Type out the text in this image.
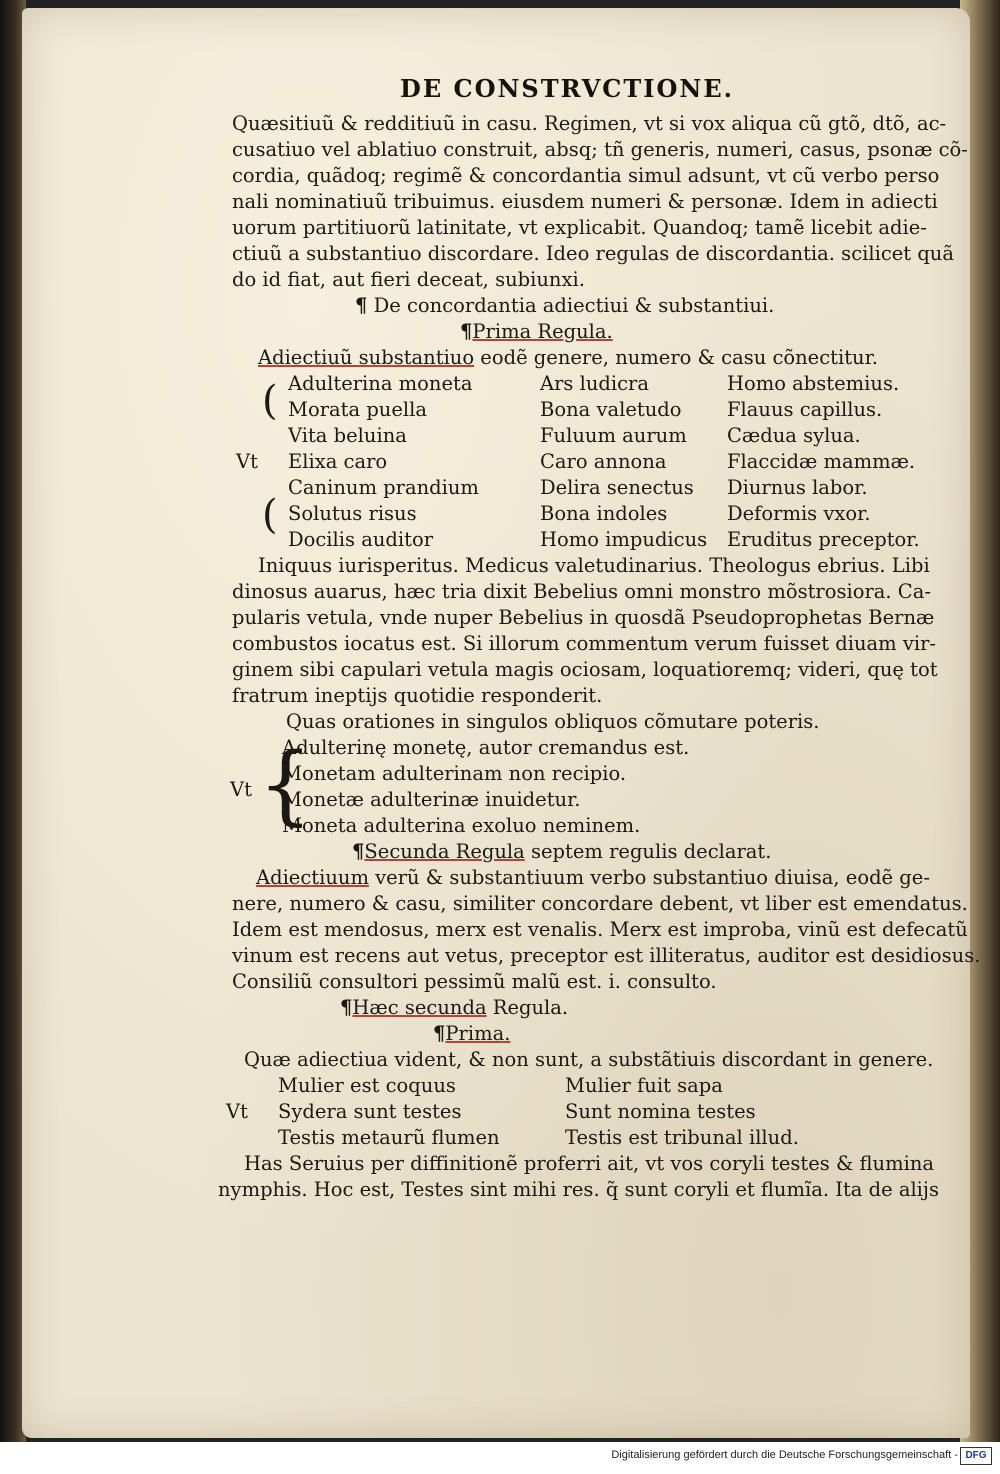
DE CONSTRVCTIONE.
Quæsitiuũ & redditiuũ in casu. Regimen, vt si vox aliqua cũ gtõ, dtõ, ac-
cusatiuo vel ablatiuo construit, absq; tñ generis, numeri, casus, psonæ cõ-
cordia, quãdoq; regimẽ & concordantia simul adsunt, vt cũ verbo perso
nali nominatiuũ tribuimus. eiusdem numeri & personæ. Idem in adiecti
uorum partitiuorũ latinitate, vt explicabit. Quandoq; tamẽ licebit adie-
ctiuũ a substantiuo discordare. Ideo regulas de discordantia. scilicet quã
do id fiat, aut fieri deceat, subiunxi.
¶ De concordantia adiectiui & substantiui.
¶Prima Regula.
Adiectiuũ substantiuo eodẽ genere, numero & casu cõnectitur.
(
(
Vt
Adulterina moneta
Morata puella
Vita beluina
Elixa caro
Caninum prandium
Solutus risus
Docilis auditor
Ars ludicra
Bona valetudo
Fuluum aurum
Caro annona
Delira senectus
Bona indoles
Homo impudicus
Homo abstemius.
Flauus capillus.
Cædua sylua.
Flaccidæ mammæ.
Diurnus labor.
Deformis vxor.
Eruditus preceptor.
Iniquus iurisperitus. Medicus valetudinarius. Theologus ebrius. Libi
dinosus auarus, hæc tria dixit Bebelius omni monstro mõstrosiora. Ca-
pularis vetula, vnde nuper Bebelius in quosdã Pseudoprophetas Bernæ
combustos iocatus est. Si illorum commentum verum fuisset diuam vir-
ginem sibi capulari vetula magis ociosam, loquatioremq; videri, quę tot
fratrum ineptijs quotidie responderit.
Quas orationes in singulos obliquos cõmutare poteris.
{
Vt
Adulterinę monetę, autor cremandus est.
Monetam adulterinam non recipio.
Monetæ adulterinæ inuidetur.
Moneta adulterina exoluo neminem.
¶Secunda Regula septem regulis declarat.
Adiectiuum verũ & substantiuum verbo substantiuo diuisa, eodẽ ge-
nere, numero & casu, similiter concordare debent, vt liber est emendatus.
Idem est mendosus, merx est venalis. Merx est improba, vinũ est defecatũ
vinum est recens aut vetus, preceptor est illiteratus, auditor est desidiosus.
Consiliũ consultori pessimũ malũ est. i. consulto.
¶Hæc secunda Regula.
¶Prima.
Quæ adiectiua vident, & non sunt, a substãtiuis discordant in genere.
Vt
Mulier est coquus
Sydera sunt testes
Testis metaurũ flumen
Mulier fuit sapa
Sunt nomina testes
Testis est tribunal illud.
Has Seruius per diffinitionẽ proferri ait, vt vos coryli testes & flumina
nymphis. Hoc est, Testes sint mihi res. q̃ sunt coryli et flumĩa. Ita de alijs
Digitalisierung gefördert durch die Deutsche Forschungsgemeinschaft - DFG
